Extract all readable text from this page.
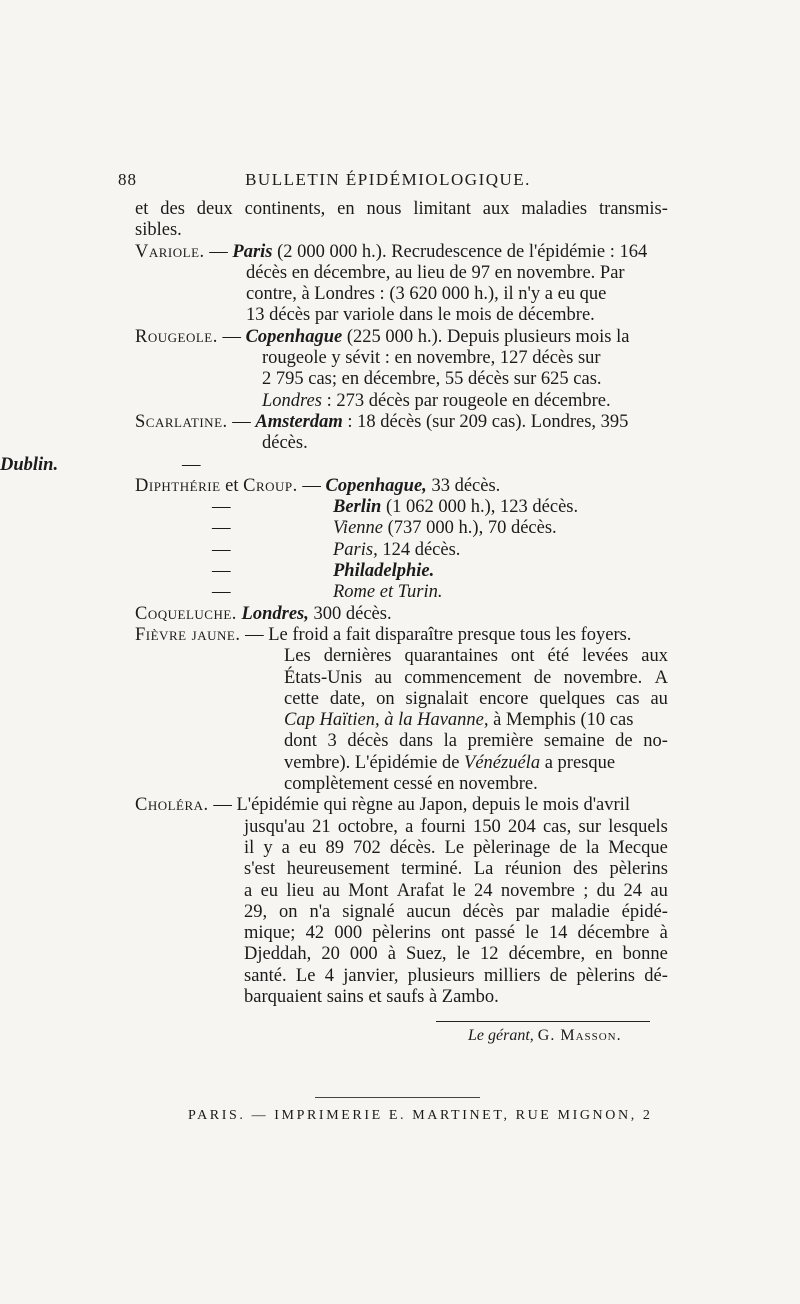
88	BULLETIN ÉPIDÉMIOLOGIQUE.
et des deux continents, en nous limitant aux maladies transmis-
sibles.
Variole. — Paris (2 000 000 h.). Recrudescence de l'épidémie : 164
décès en décembre, au lieu de 97 en novembre. Par
contre, à Londres : (3 620 000 h.), il n'y a eu que
13 décès par variole dans le mois de décembre.
Rougeole. — Copenhague (225 000 h.). Depuis plusieurs mois la
rougeole y sévit : en novembre, 127 décès sur
2 795 cas; en décembre, 55 décès sur 625 cas.
Londres : 273 décès par rougeole en décembre.
Scarlatine. — Amsterdam : 18 décès (sur 209 cas). Londres, 395
décès.
—
Dublin.
Diphthérie et Croup. — Copenhague, 33 décès.
—	Berlin (1 062 000 h.), 123 décès.
—	Vienne (737 000 h.), 70 décès.
—	Paris, 124 décès.
—	Philadelphie.
—	Rome et Turin.
Coqueluche. Londres, 300 décès.
Fièvre jaune. — Le froid a fait disparaître presque tous les foyers.
Les dernières quarantaines ont été levées aux
États-Unis au commencement de novembre. A
cette date, on signalait encore quelques cas au
Cap Haïtien, à la Havanne, à Memphis (10 cas
dont 3 décès dans la première semaine de no-
vembre). L'épidémie de Vénézuéla a presque
complètement cessé en novembre.
Choléra. — L'épidémie qui règne au Japon, depuis le mois d'avril
jusqu'au 21 octobre, a fourni 150 204 cas, sur lesquels
il y a eu 89 702 décès. Le pèlerinage de la Mecque
s'est heureusement terminé. La réunion des pèlerins
a eu lieu au Mont Arafat le 24 novembre ; du 24 au
29, on n'a signalé aucun décès par maladie épidé-
mique; 42 000 pèlerins ont passé le 14 décembre à
Djeddah, 20 000 à Suez, le 12 décembre, en bonne
santé. Le 4 janvier, plusieurs milliers de pèlerins dé-
barquaient sains et saufs à Zambo.
Le gérant, G. Masson.
PARIS. — IMPRIMERIE E. MARTINET, RUE MIGNON, 2
